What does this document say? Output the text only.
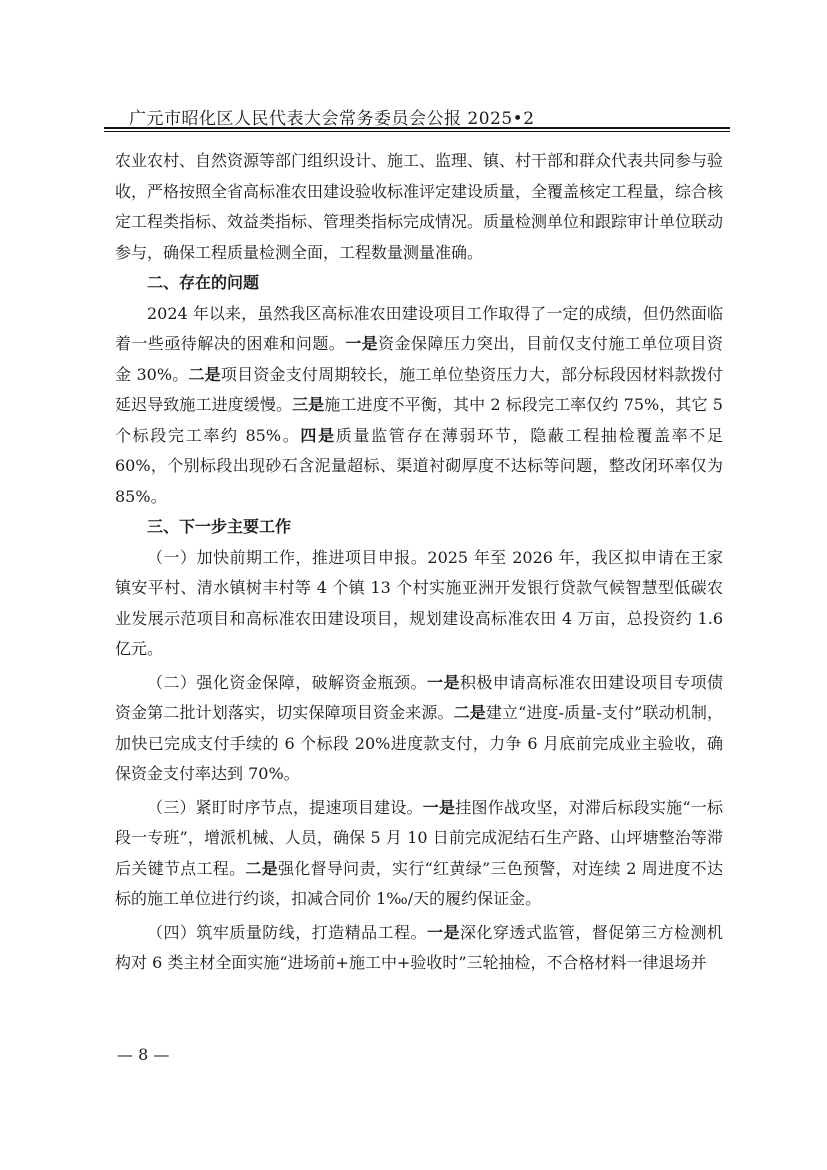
广元市昭化区人民代表大会常务委员会公报 2025•2

农业农村、自然资源等部门组织设计、施工、监理、镇、村干部和群众代表共同参与验收，严格按照全省高标准农田建设验收标准评定建设质量，全覆盖核定工程量，综合核定工程类指标、效益类指标、管理类指标完成情况。质量检测单位和跟踪审计单位联动参与，确保工程质量检测全面，工程数量测量准确。

二、存在的问题

2024 年以来，虽然我区高标准农田建设项目工作取得了一定的成绩，但仍然面临着一些亟待解决的困难和问题。一是资金保障压力突出，目前仅支付施工单位项目资金 30%。二是项目资金支付周期较长，施工单位垫资压力大，部分标段因材料款拨付延迟导致施工进度缓慢。三是施工进度不平衡，其中 2 标段完工率仅约 75%，其它 5 个标段完工率约 85%。四是质量监管存在薄弱环节，隐蔽工程抽检覆盖率不足 60%，个别标段出现砂石含泥量超标、渠道衬砌厚度不达标等问题，整改闭环率仅为 85%。

三、下一步主要工作

（一）加快前期工作，推进项目申报。2025 年至 2026 年，我区拟申请在王家镇安平村、清水镇树丰村等 4 个镇 13 个村实施亚洲开发银行贷款气候智慧型低碳农业发展示范项目和高标准农田建设项目，规划建设高标准农田 4 万亩，总投资约 1.6 亿元。

（二）强化资金保障，破解资金瓶颈。一是积极申请高标准农田建设项目专项债资金第二批计划落实，切实保障项目资金来源。二是建立“进度-质量-支付”联动机制，加快已完成支付手续的 6 个标段 20%进度款支付，力争 6 月底前完成业主验收，确保资金支付率达到 70%。

（三）紧盯时序节点，提速项目建设。一是挂图作战攻坚，对滞后标段实施“一标段一专班”，增派机械、人员，确保 5 月 10 日前完成泥结石生产路、山坪塘整治等滞后关键节点工程。二是强化督导问责，实行“红黄绿”三色预警，对连续 2 周进度不达标的施工单位进行约谈，扣减合同价 1‰/天的履约保证金。

（四）筑牢质量防线，打造精品工程。一是深化穿透式监管，督促第三方检测机构对 6 类主材全面实施“进场前+施工中+验收时”三轮抽检，不合格材料一律退场并

— 8 —
